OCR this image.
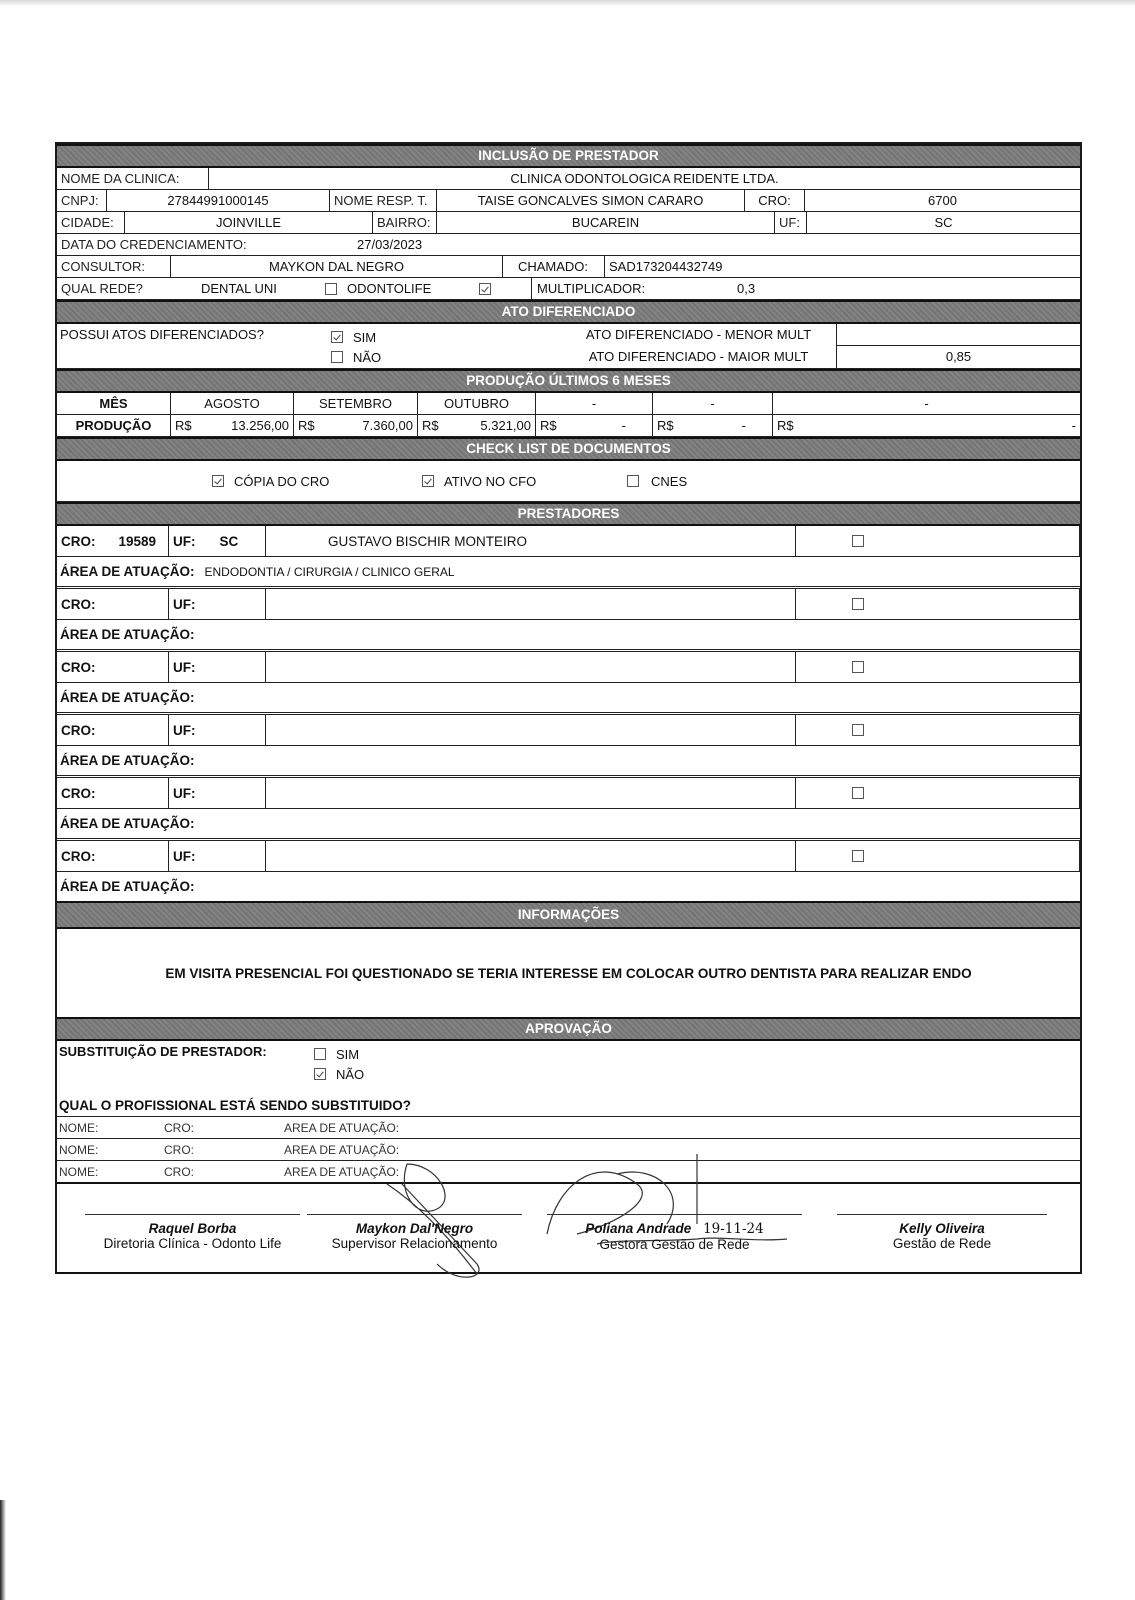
INCLUSÃO DE PRESTADOR
NOME DA CLINICA:	CLINICA ODONTOLOGICA REIDENTE LTDA.
CNPJ:	27844991000145	NOME RESP. T.	TAISE GONCALVES SIMON CARARO	CRO:	6700
CIDADE:	JOINVILLE	BAIRRO:	BUCAREIN	UF:	SC
DATA DO CREDENCIAMENTO:	27/03/2023
CONSULTOR:	MAYKON DAL NEGRO	CHAMADO:	SAD173204432749
QUAL REDE?	DENTAL UNI	ODONTOLIFE	MULTIPLICADOR:	0,3
ATO DIFERENCIADO
POSSUI ATOS DIFERENCIADOS?	SIM
NÃO
ATO DIFERENCIADO - MENOR MULT
ATO DIFERENCIADO - MAIOR MULT	0,85
PRODUÇÃO ÚLTIMOS 6 MESES
MÊS	AGOSTO	SETEMBRO	OUTUBRO	-	-	-
PRODUÇÃO	R$	13.256,00 R$	7.360,00 R$	5.321,00 R$	- R$	- R$	-
CHECK LIST DE DOCUMENTOS
CÓPIA DO CRO	ATIVO NO CFO	CNES
PRESTADORES
CRO: 19589 UF: SC	GUSTAVO BISCHIR MONTEIRO
ÁREA DE ATUAÇÃO: ENDODONTIA / CIRURGIA / CLINICO GERAL
CRO:	UF:
ÁREA DE ATUAÇÃO:
CRO:	UF:
ÁREA DE ATUAÇÃO:
CRO:	UF:
ÁREA DE ATUAÇÃO:
CRO:	UF:
ÁREA DE ATUAÇÃO:
CRO:	UF:
ÁREA DE ATUAÇÃO:
INFORMAÇÕES
EM VISITA PRESENCIAL FOI QUESTIONADO SE TERIA INTERESSE EM COLOCAR OUTRO DENTISTA PARA REALIZAR ENDO
APROVAÇÃO
SUBSTITUIÇÃO DE PRESTADOR:	SIM
NÃO
QUAL O PROFISSIONAL ESTÁ SENDO SUBSTITUIDO?
NOME:	CRO:	AREA DE ATUAÇÃO:
NOME:	CRO:	AREA DE ATUAÇÃO:
NOME:	CRO:	AREA DE ATUAÇÃO:
Raquel Borba
Diretoria Clínica - Odonto Life
Maykon Dal'Negro
Supervisor Relacionamento
Poliana Andrade 19-11-24
Gestora Gestão de Rede
Kelly Oliveira
Gestão de Rede
